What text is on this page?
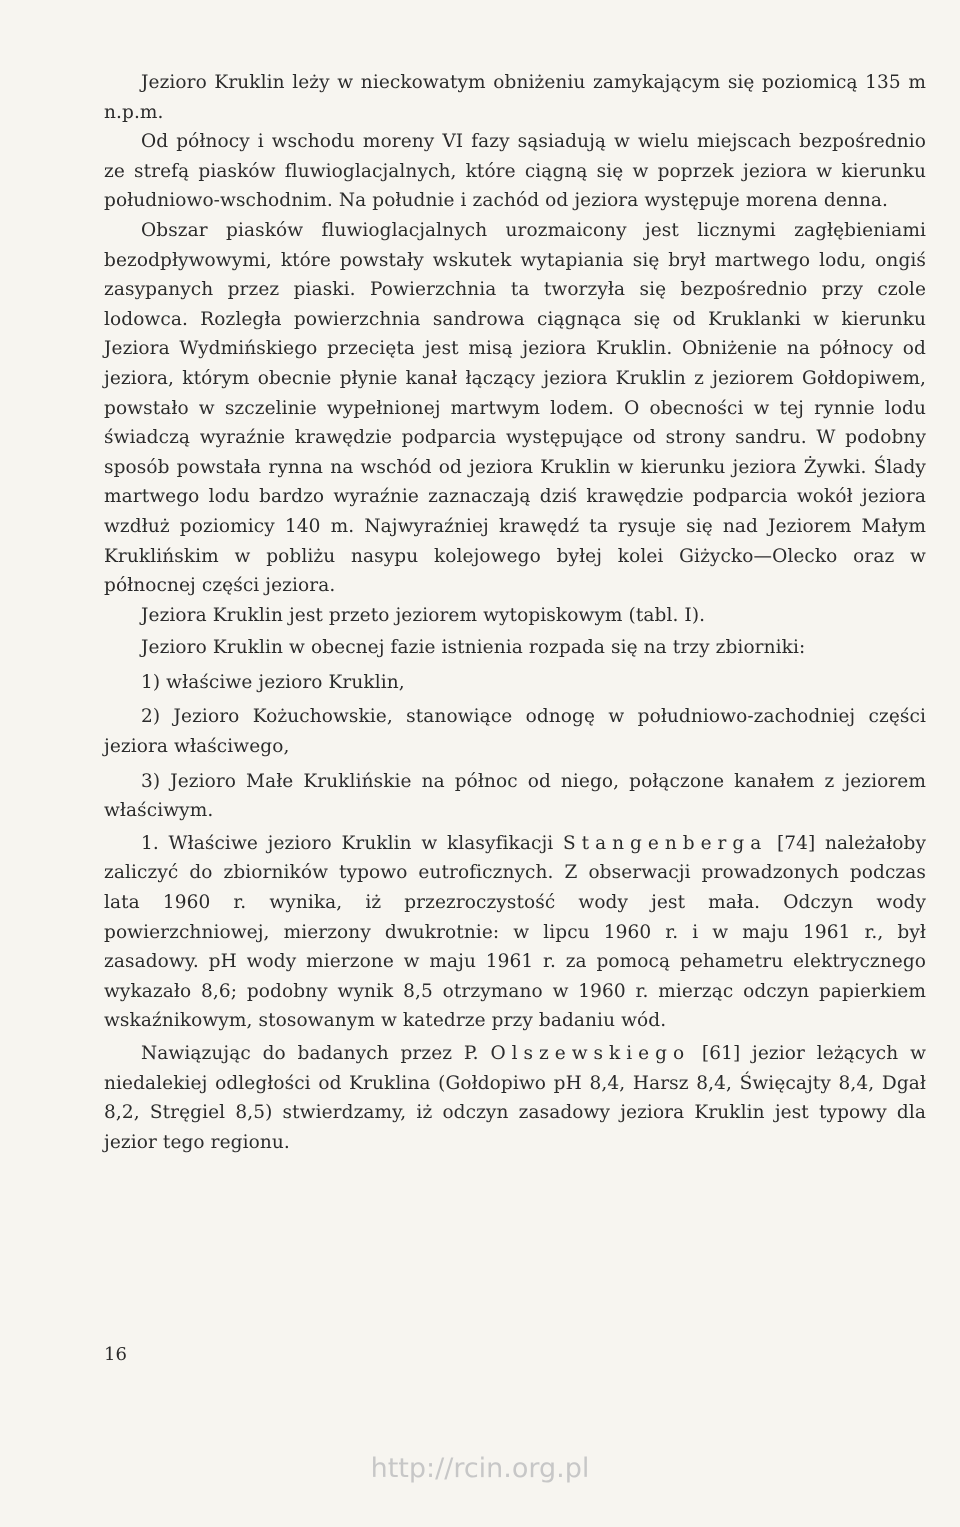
Jezioro Kruklin leży w nieckowatym obniżeniu zamykającym się poziomicą 135 m n.p.m.

Od północy i wschodu moreny VI fazy sąsiadują w wielu miejscach bezpośrednio ze strefą piasków fluwioglacjalnych, które ciągną się w poprzek jeziora w kierunku południowo-wschodnim. Na południe i zachód od jeziora występuje morena denna.

Obszar piasków fluwioglacjalnych urozmaicony jest licznymi zagłębieniami bezodpływowymi, które powstały wskutek wytapiania się brył martwego lodu, ongiś zasypanych przez piaski. Powierzchnia ta tworzyła się bezpośrednio przy czole lodowca. Rozległa powierzchnia sandrowa ciągnąca się od Kruklanki w kierunku Jeziora Wydmińskiego przecięta jest misą jeziora Kruklin. Obniżenie na północy od jeziora, którym obecnie płynie kanał łączący jeziora Kruklin z jeziorem Gołdopiwem, powstało w szczelinie wypełnionej martwym lodem. O obecności w tej rynnie lodu świadczą wyraźnie krawędzie podparcia występujące od strony sandru. W podobny sposób powstała rynna na wschód od jeziora Kruklin w kierunku jeziora Żywki. Ślady martwego lodu bardzo wyraźnie zaznaczają dziś krawędzie podparcia wokół jeziora wzdłuż poziomicy 140 m. Najwyraźniej krawędź ta rysuje się nad Jeziorem Małym Kruklińskim w pobliżu nasypu kolejowego byłej kolei Giżycko—Olecko oraz w północnej części jeziora.

Jeziora Kruklin jest przeto jeziorem wytopiskowym (tabl. I).

Jezioro Kruklin w obecnej fazie istnienia rozpada się na trzy zbiorniki:

1) właściwe jezioro Kruklin,

2) Jezioro Kożuchowskie, stanowiące odnogę w południowo-zachodniej części jeziora właściwego,

3) Jezioro Małe Kruklińskie na północ od niego, połączone kanałem z jeziorem właściwym.

1. Właściwe jezioro Kruklin w klasyfikacji Stangenberga [74] należałoby zaliczyć do zbiorników typowo eutroficznych. Z obserwacji prowadzonych podczas lata 1960 r. wynika, iż przezroczystość wody jest mała. Odczyn wody powierzchniowej, mierzony dwukrotnie: w lipcu 1960 r. i w maju 1961 r., był zasadowy. pH wody mierzone w maju 1961 r. za pomocą pehametru elektrycznego wykazało 8,6; podobny wynik 8,5 otrzymano w 1960 r. mierząc odczyn papierkiem wskaźnikowym, stosowanym w katedrze przy badaniu wód.

Nawiązując do badanych przez P. Olszewskiego [61] jezior leżących w niedalekiej odległości od Kruklina (Gołdopiwo pH 8,4, Harsz 8,4, Święcajty 8,4, Dgał 8,2, Stręgiel 8,5) stwierdzamy, iż odczyn zasadowy jeziora Kruklin jest typowy dla jezior tego regionu.

16
http://rcin.org.pl
